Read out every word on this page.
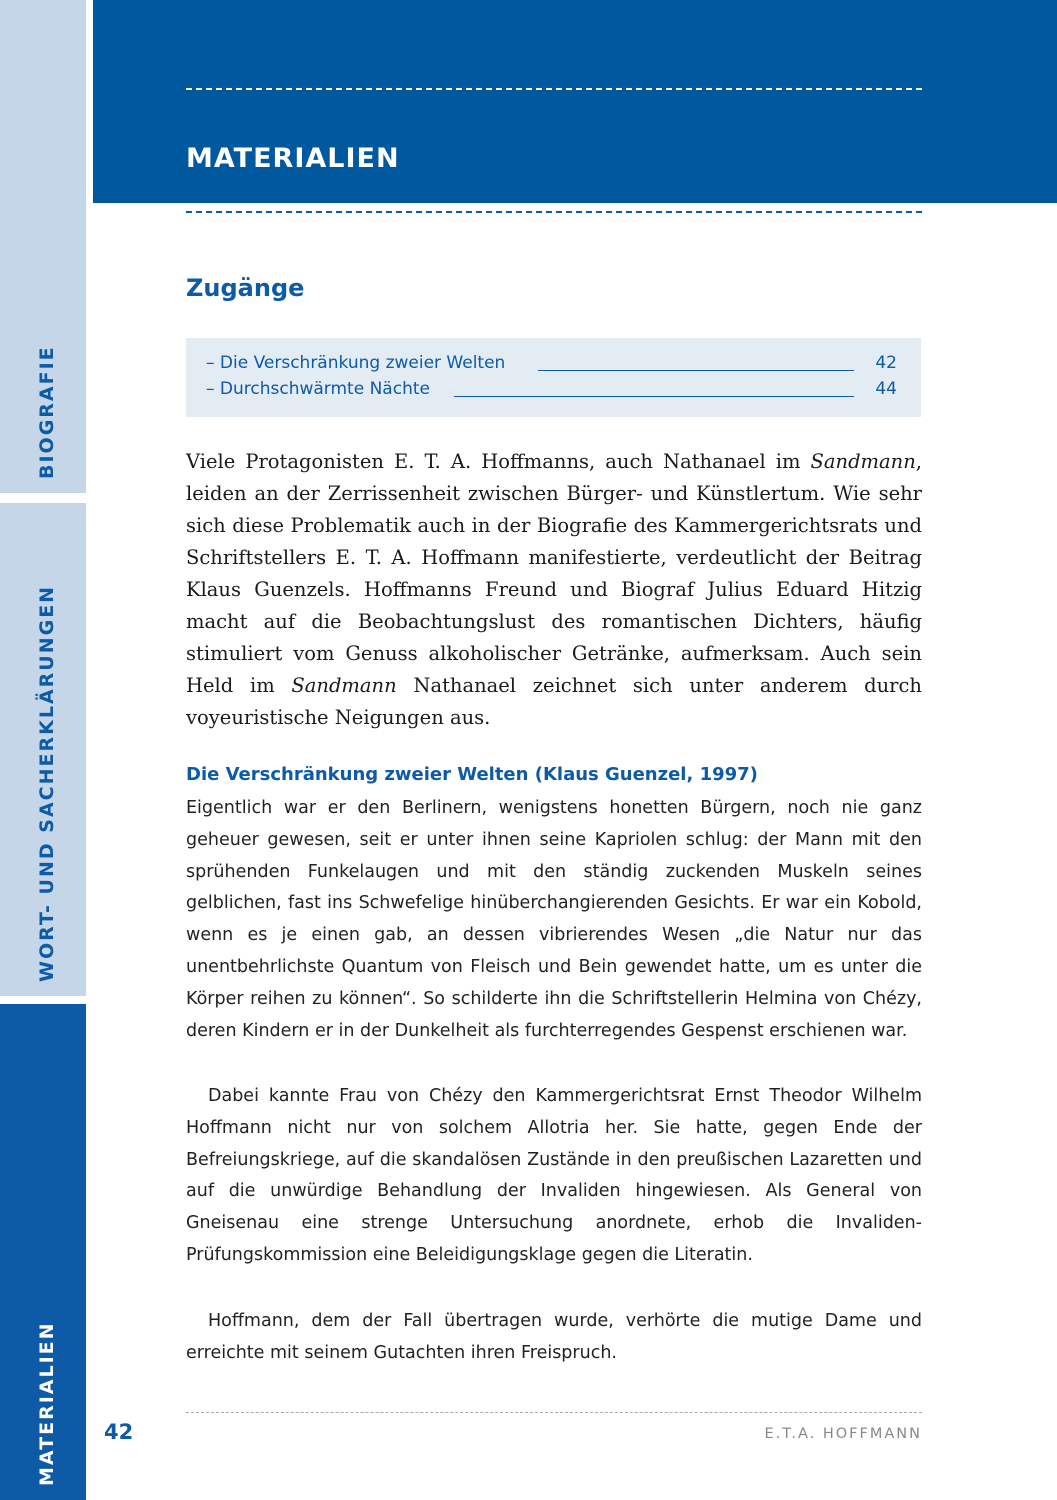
BIOGRAFIE
WORT- UND SACHERKLÄRUNGEN
MATERIALIEN
MATERIALIEN
Zugänge
– Die Verschränkung zweier Welten	42
– Durchschwärmte Nächte	44

Viele Protagonisten E. T. A. Hoffmanns, auch Nathanael im Sandmann, leiden an der Zerrissenheit zwischen Bürger- und Künstlertum. Wie sehr sich diese Problematik auch in der Biografie des Kammergerichtsrats und Schriftstellers E. T. A. Hoffmann manifestierte, verdeutlicht der Beitrag Klaus Guenzels. Hoffmanns Freund und Biograf Julius Eduard Hitzig macht auf die Beobachtungslust des romantischen Dichters, häufig stimuliert vom Genuss alkoholischer Getränke, aufmerksam. Auch sein Held im Sandmann Nathanael zeichnet sich unter anderem durch voyeuristische Neigungen aus.

Die Verschränkung zweier Welten (Klaus Guenzel, 1997)

Eigentlich war er den Berlinern, wenigstens honetten Bürgern, noch nie ganz geheuer gewesen, seit er unter ihnen seine Kapriolen schlug: der Mann mit den sprühenden Funkelaugen und mit den ständig zuckenden Muskeln seines gelblichen, fast ins Schwefelige hinüberchangierenden Gesichts. Er war ein Kobold, wenn es je einen gab, an dessen vibrierendes Wesen „die Natur nur das unentbehrlichste Quantum von Fleisch und Bein gewendet hatte, um es unter die Körper reihen zu können“. So schilderte ihn die Schriftstellerin Helmina von Chézy, deren Kindern er in der Dunkelheit als furchterregendes Gespenst erschienen war.

Dabei kannte Frau von Chézy den Kammergerichtsrat Ernst Theodor Wilhelm Hoffmann nicht nur von solchem Allotria her. Sie hatte, gegen Ende der Befreiungskriege, auf die skandalösen Zustände in den preußischen Lazaretten und auf die unwürdige Behandlung der Invaliden hingewiesen. Als General von Gneisenau eine strenge Untersuchung anordnete, erhob die Invaliden-Prüfungskommission eine Beleidigungsklage gegen die Literatin.

Hoffmann, dem der Fall übertragen wurde, verhörte die mutige Dame und erreichte mit seinem Gutachten ihren Freispruch.

42	E.T.A. HOFFMANN
